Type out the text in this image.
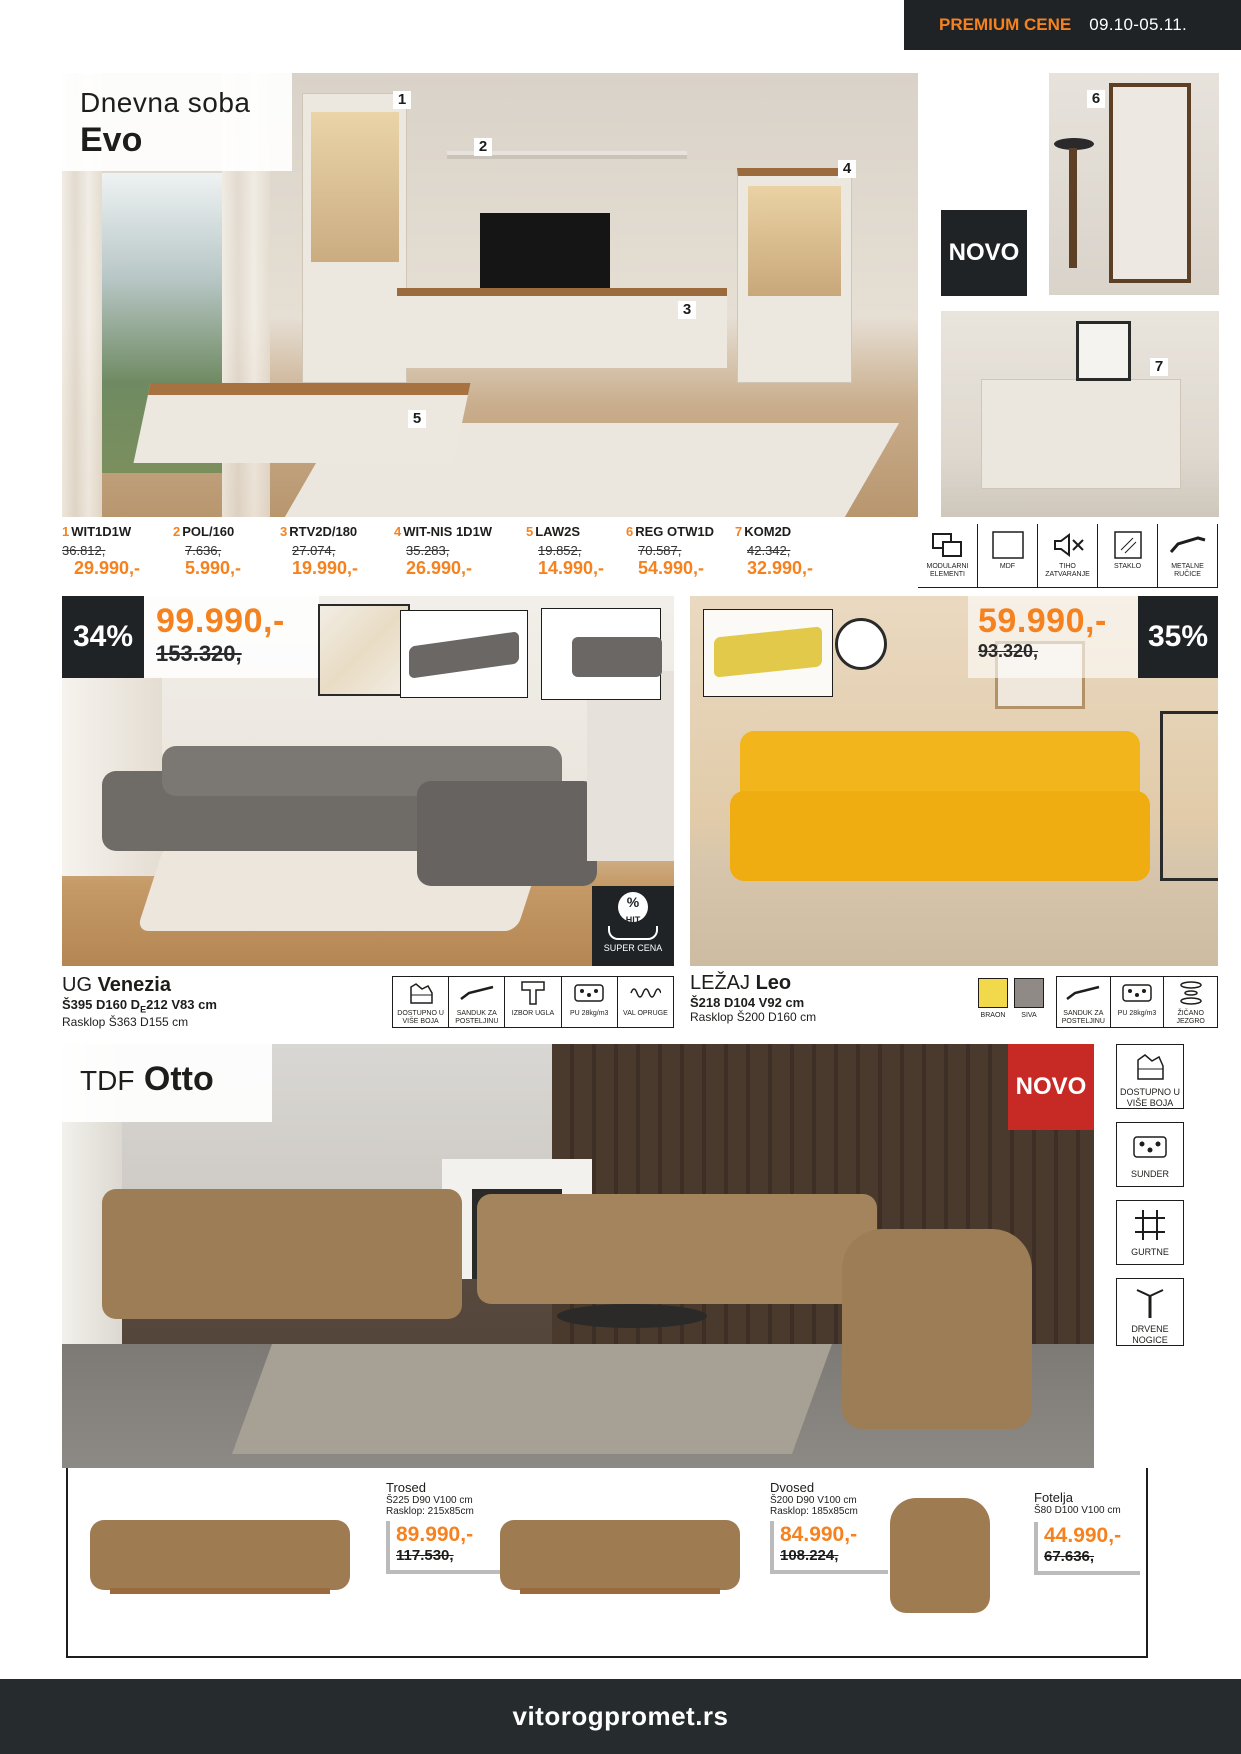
PREMIUM CENE 09.10-05.11.
Dnevna soba
Evo
1
2
3
4
5
NOVO
6
7
1 WIT1D1W
36.812,
29.990,-
2 POL/160
7.636,
5.990,-
3 RTV2D/180
27.074,
19.990,-
4 WIT-NIS 1D1W
35.283,
26.990,-
5 LAW2S
19.852,
14.990,-
6 REG OTW1D
70.587,
54.990,-
7 KOM2D
42.342,
32.990,-	MODULARNI ELEMENTI
MDF	TIHO ZATVARANJE
STAKLO	METALNE RUČICE
34% 99.990,-
153.320,
%
HIT
SUPER CENA
UG Venezia
Š395 D160 $D_E212$ V83 cm
Rasklop Š363 D155 cm
DOSTUPNO U VIŠE BOJA
SANDUK ZA POSTELJINU
IZBOR UGLA PU 28kg/m3 VAL OPRUGE
59.990,-
93.320,	35%
LEŽAJ Leo
Š218 D104 V92 cm
Rasklop Š200 D160 cm	BRAON	SIVA	SANDUK ZA POSTELJINU
PU 28kg/m3	ŽIČANO JEZGRO
TDF Otto	NOVO	DOSTUPNO U VIŠE BOJA
SUNDER
GURTNE
DRVENE NOGICE
Trosed
Š225 D90 V100 cm
Rasklop: 215x85cm
89.990,-
117.530,
Dvosed
Š200 D90 V100 cm
Rasklop: 185x85cm
84.990,-
108.224,
Fotelja
Š80 D100 V100 cm
44.990,-
67.636,
vitorogpromet.rs
